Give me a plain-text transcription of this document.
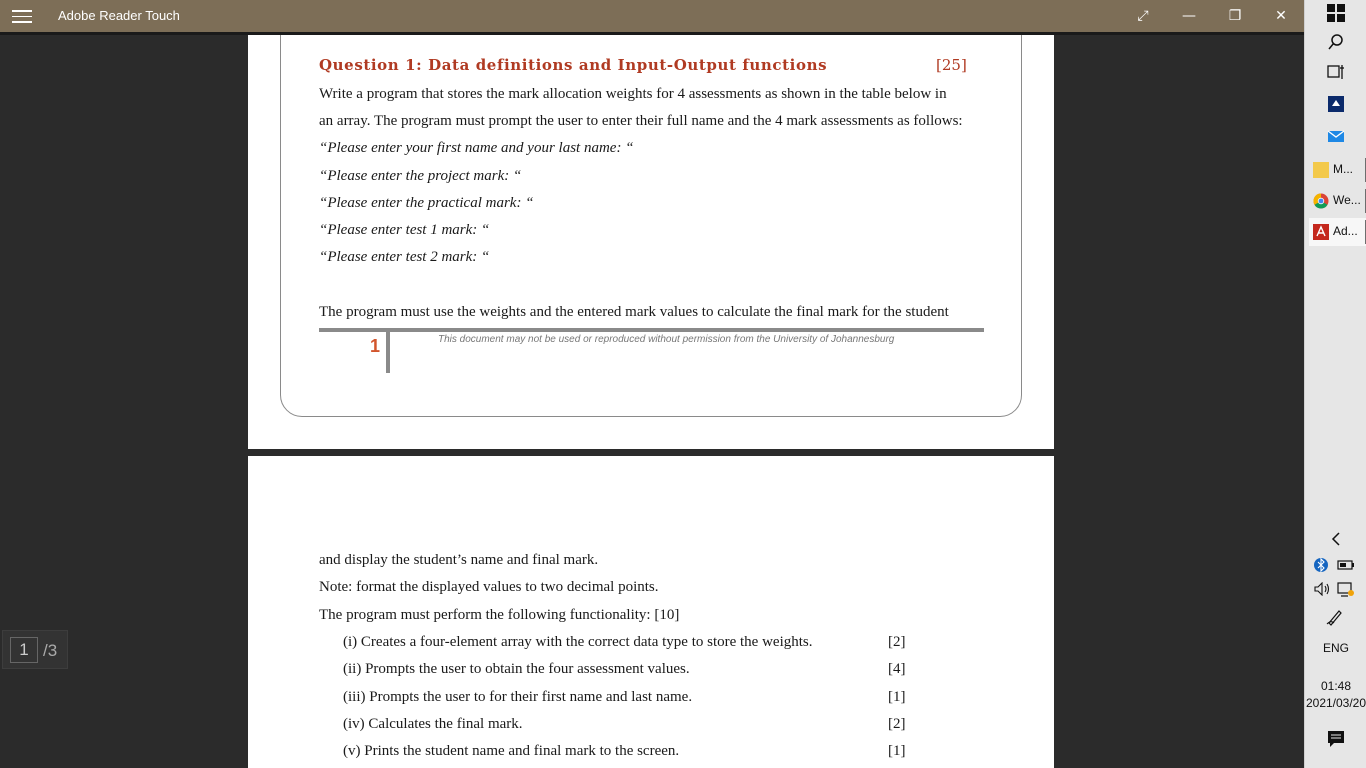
Adobe Reader Touch	⤢	—	❐	✕
Question 1: Data definitions and Input-Output functions	[25]
Write a program that stores the mark allocation weights for 4 assessments as shown in the table below in
an array. The program must prompt the user to enter their full name and the 4 mark assessments as follows:
“Please enter your first name and your last name: “
“Please enter the project mark: “
“Please enter the practical mark: “
“Please enter test 1 mark: “
“Please enter test 2 mark: “
The program must use the weights and the entered mark values to calculate the final mark for the student
1	This document may not be used or reproduced without permission from the University of Johannesburg
and display the student’s name and final mark.
Note: format the displayed values to two decimal points.
The program must perform the following functionality: [10]
(i) Creates a four-element array with the correct data type to store the weights.	[2]
(ii) Prompts the user to obtain the four assessment values.	[4]
(iii) Prompts the user to for their first name and last name.	[1]
(iv) Calculates the final mark.	[2]
(v) Prints the student name and final mark to the screen.	[1]
1 /3
M...
We...
Ad...
ENG
01:48
2021/03/20
